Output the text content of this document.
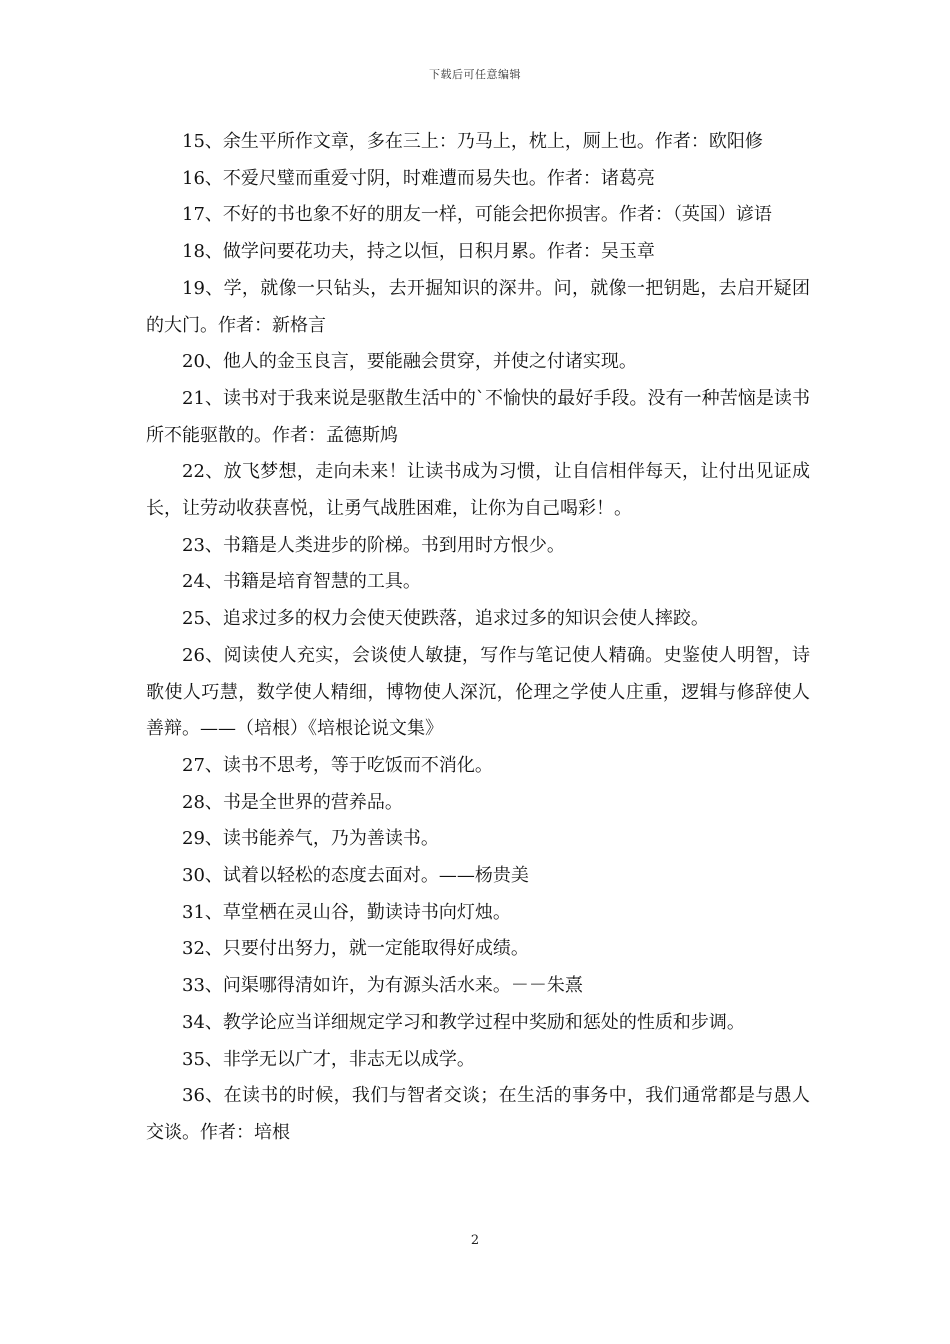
下载后可任意编辑

15、余生平所作文章，多在三上：乃马上，枕上，厕上也。作者：欧阳修

16、不爱尺璧而重爱寸阴，时难遭而易失也。作者：诸葛亮

17、不好的书也象不好的朋友一样，可能会把你损害。作者：（英国）谚语

18、做学问要花功夫，持之以恒，日积月累。作者：吴玉章

19、学，就像一只钻头，去开掘知识的深井。问，就像一把钥匙，去启开疑团的大门。作者：新格言

20、他人的金玉良言，要能融会贯穿，并使之付诸实现。

21、读书对于我来说是驱散生活中的`不愉快的最好手段。没有一种苦恼是读书所不能驱散的。作者：孟德斯鸠

22、放飞梦想，走向未来！让读书成为习惯，让自信相伴每天，让付出见证成长，让劳动收获喜悦，让勇气战胜困难，让你为自己喝彩！。

23、书籍是人类进步的阶梯。书到用时方恨少。

24、书籍是培育智慧的工具。

25、追求过多的权力会使天使跌落，追求过多的知识会使人摔跤。

26、阅读使人充实，会谈使人敏捷，写作与笔记使人精确。史鉴使人明智，诗歌使人巧慧，数学使人精细，博物使人深沉，伦理之学使人庄重，逻辑与修辞使人善辩。——（培根）《培根论说文集》

27、读书不思考，等于吃饭而不消化。

28、书是全世界的营养品。

29、读书能养气，乃为善读书。

30、试着以轻松的态度去面对。——杨贵美

31、草堂栖在灵山谷，勤读诗书向灯烛。

32、只要付出努力，就一定能取得好成绩。

33、问渠哪得清如许，为有源头活水来。－－朱熹

34、教学论应当详细规定学习和教学过程中奖励和惩处的性质和步调。

35、非学无以广才，非志无以成学。

36、在读书的时候，我们与智者交谈；在生活的事务中，我们通常都是与愚人交谈。作者：培根

2
